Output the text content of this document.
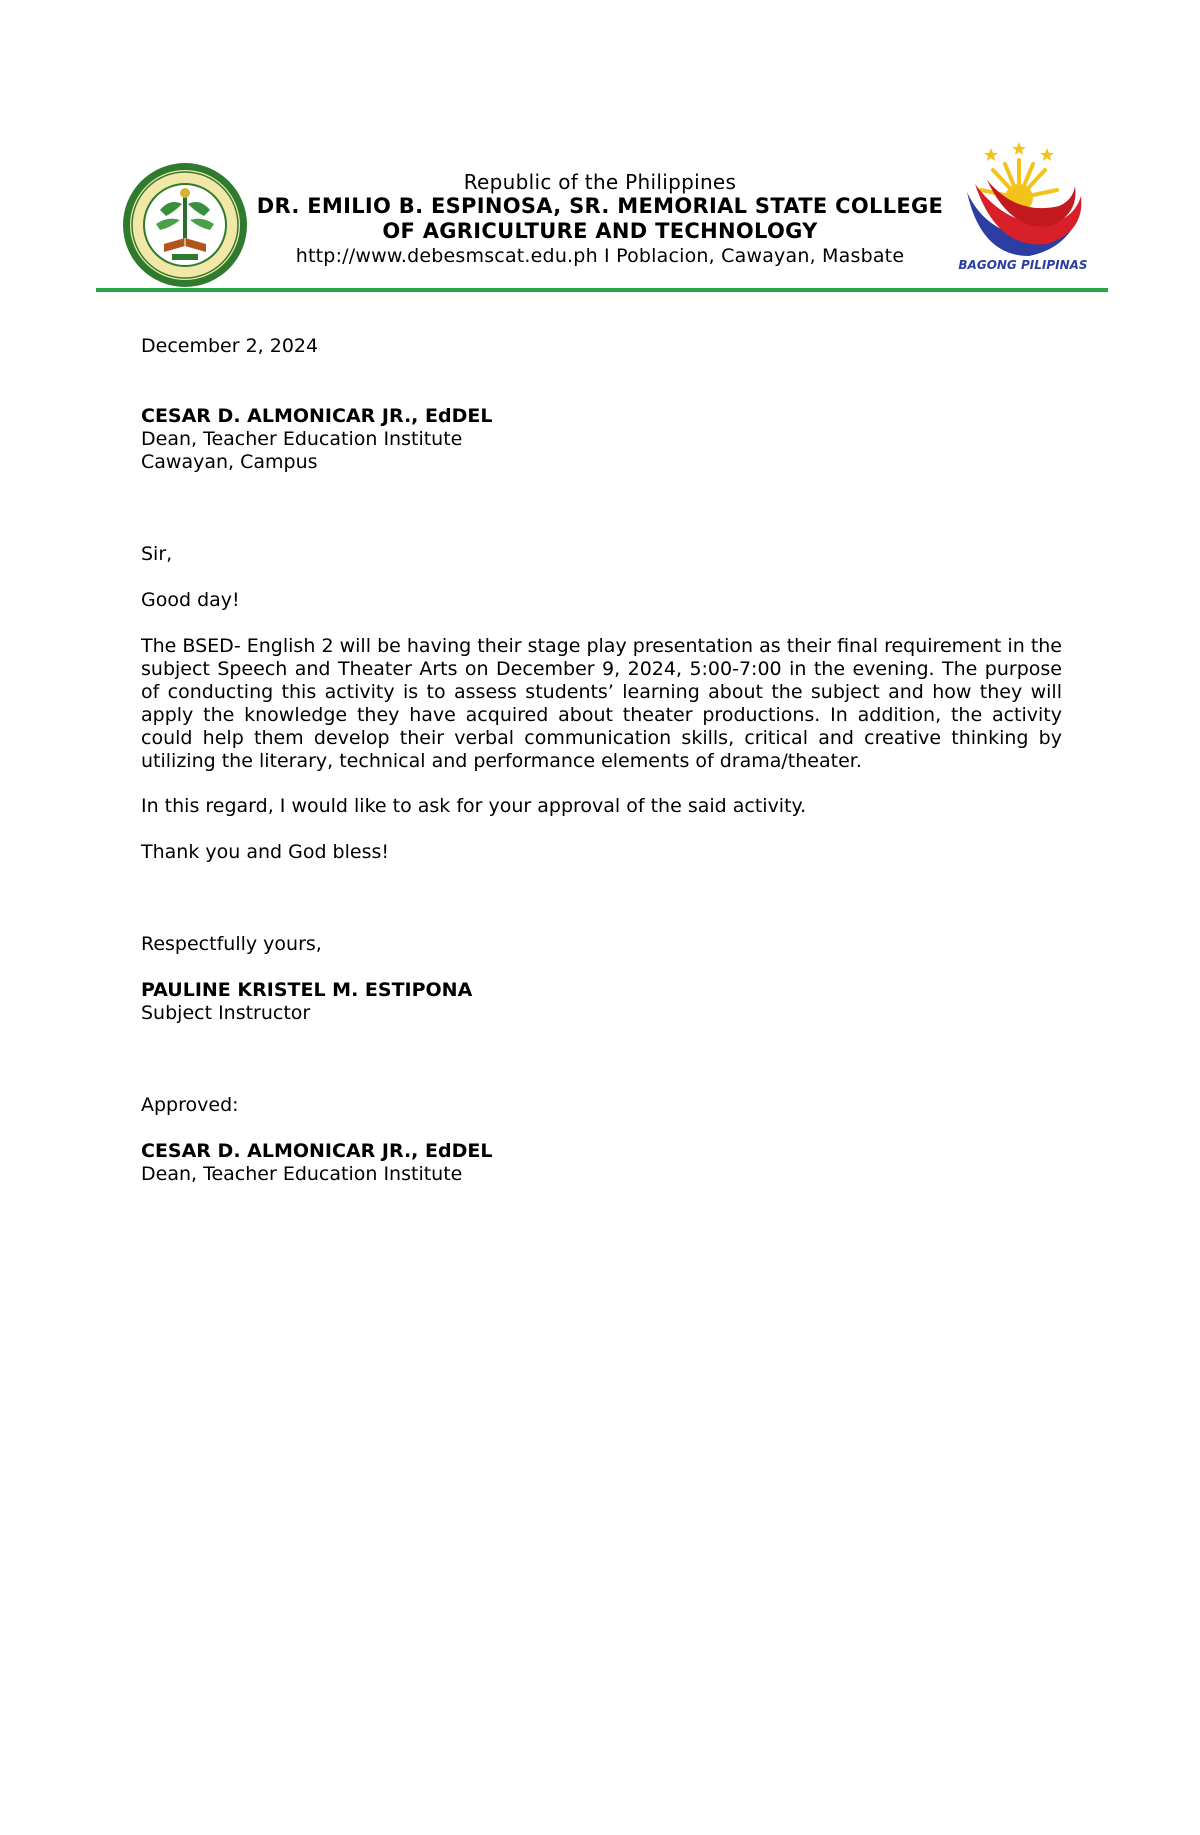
Republic of the Philippines
DR. EMILIO B. ESPINOSA, SR. MEMORIAL STATE COLLEGE
OF AGRICULTURE AND TECHNOLOGY
http://www.debesmscat.edu.ph I Poblacion, Cawayan, Masbate	BAGONG PILIPINAS
December 2, 2024
CESAR D. ALMONICAR JR., EdDEL
Dean, Teacher Education Institute
Cawayan, Campus
Sir,
Good day!
The BSED- English 2 will be having their stage play presentation as their final requirement in the subject Speech and Theater Arts on December 9, 2024, 5:00-7:00 in the evening. The purpose of conducting this activity is to assess students’ learning about the subject and how they will apply the knowledge they have acquired about theater productions. In addition, the activity could help them develop their verbal communication skills, critical and creative thinking by utilizing the literary, technical and performance elements of drama/theater.
In this regard, I would like to ask for your approval of the said activity.
Thank you and God bless!
Respectfully yours,
PAULINE KRISTEL M. ESTIPONA
Subject Instructor
Approved:
CESAR D. ALMONICAR JR., EdDEL
Dean, Teacher Education Institute
